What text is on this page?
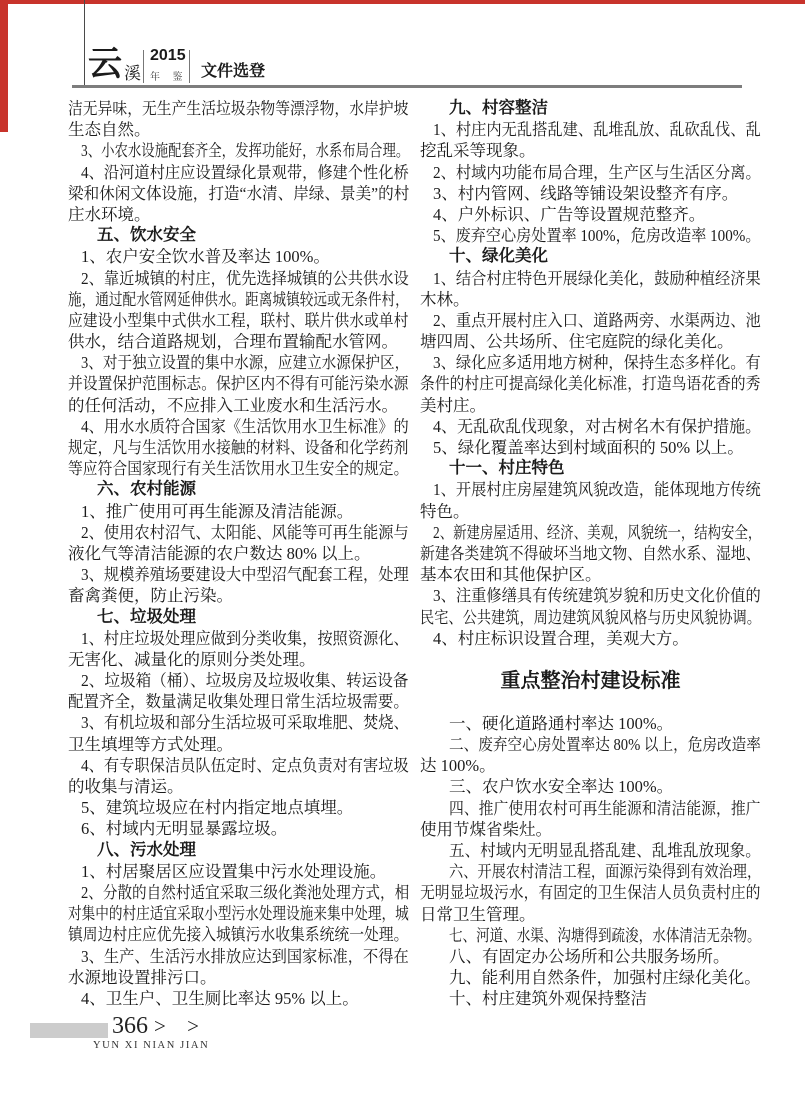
云 溪
2015
年 鉴 文件选登
洁无异味，无生产生活垃圾杂物等漂浮物，水岸护坡
生态自然。
3、小农水设施配套齐全，发挥功能好，水系布局合理。
4、沿河道村庄应设置绿化景观带，修建个性化桥
梁和休闲文体设施，打造“水清、岸绿、景美”的村
庄水环境。
五、饮水安全
1、农户安全饮水普及率达 100%。
2、靠近城镇的村庄，优先选择城镇的公共供水设
施，通过配水管网延伸供水。距离城镇较远或无条件村，
应建设小型集中式供水工程，联村、联片供水或单村
供水，结合道路规划，合理布置输配水管网。
3、对于独立设置的集中水源，应建立水源保护区，
并设置保护范围标志。保护区内不得有可能污染水源
的任何活动，不应排入工业废水和生活污水。
4、用水水质符合国家《生活饮用水卫生标准》的
规定，凡与生活饮用水接触的材料、设备和化学药剂
等应符合国家现行有关生活饮用水卫生安全的规定。
六、农村能源
1、推广使用可再生能源及清洁能源。
2、使用农村沼气、太阳能、风能等可再生能源与
液化气等清洁能源的农户数达 80% 以上。
3、规模养殖场要建设大中型沼气配套工程，处理
畜禽粪便，防止污染。
七、垃圾处理
1、村庄垃圾处理应做到分类收集，按照资源化、
无害化、减量化的原则分类处理。
2、垃圾箱（桶）、垃圾房及垃圾收集、转运设备
配置齐全，数量满足收集处理日常生活垃圾需要。
3、有机垃圾和部分生活垃圾可采取堆肥、焚烧、
卫生填埋等方式处理。
4、有专职保洁员队伍定时、定点负责对有害垃圾
的收集与清运。
5、建筑垃圾应在村内指定地点填埋。
6、村域内无明显暴露垃圾。
八、污水处理
1、村居聚居区应设置集中污水处理设施。
2、分散的自然村适宜采取三级化粪池处理方式，相
对集中的村庄适宜采取小型污水处理设施来集中处理，城
镇周边村庄应优先接入城镇污水收集系统统一处理。
3、生产、生活污水排放应达到国家标准，不得在
水源地设置排污口。
4、卫生户、卫生厕比率达 95% 以上。
九、村容整洁
1、村庄内无乱搭乱建、乱堆乱放、乱砍乱伐、乱
挖乱采等现象。
2、村域内功能布局合理，生产区与生活区分离。
3、村内管网、线路等铺设架设整齐有序。
4、户外标识、广告等设置规范整齐。
5、废弃空心房处置率 100%，危房改造率 100%。
十、绿化美化
1、结合村庄特色开展绿化美化，鼓励种植经济果
木林。
2、重点开展村庄入口、道路两旁、水渠两边、池
塘四周、公共场所、住宅庭院的绿化美化。
3、绿化应多适用地方树种，保持生态多样化。有
条件的村庄可提高绿化美化标准，打造鸟语花香的秀
美村庄。
4、无乱砍乱伐现象，对古树名木有保护措施。
5、绿化覆盖率达到村域面积的 50% 以上。
十一、村庄特色
1、开展村庄房屋建筑风貌改造，能体现地方传统
特色。
2、新建房屋适用、经济、美观，风貌统一，结构安全，
新建各类建筑不得破坏当地文物、自然水系、湿地、
基本农田和其他保护区。
3、注重修缮具有传统建筑岁貌和历史文化价值的
民宅、公共建筑，周边建筑风貌风格与历史风貌协调。
4、村庄标识设置合理，美观大方。
重点整治村建设标准
一、硬化道路通村率达 100%。
二、废弃空心房处置率达 80% 以上，危房改造率
达 100%。
三、农户饮水安全率达 100%。
四、推广使用农村可再生能源和清洁能源，推广
使用节煤省柴灶。
五、村域内无明显乱搭乱建、乱堆乱放现象。
六、开展农村清洁工程，面源污染得到有效治理，
无明显垃圾污水，有固定的卫生保洁人员负责村庄的
日常卫生管理。
七、河道、水渠、沟塘得到疏浚，水体清洁无杂物。
八、有固定办公场所和公共服务场所。
九、能利用自然条件，加强村庄绿化美化。
十、村庄建筑外观保持整洁
366 > >
YUN XI NIAN JIAN
